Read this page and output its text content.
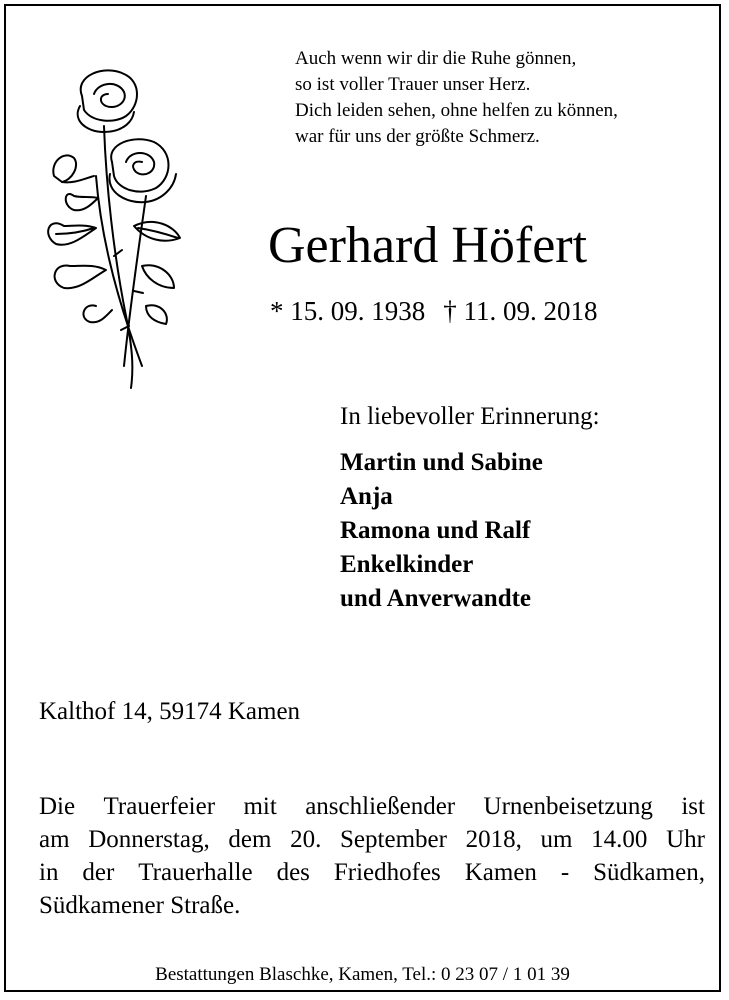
Auch wenn wir dir die Ruhe gönnen,
so ist voller Trauer unser Herz.
Dich leiden sehen, ohne helfen zu können,
war für uns der größte Schmerz.
Gerhard Höfert
* 15. 09. 1938 † 11. 09. 2018
In liebevoller Erinnerung:
Martin und Sabine
Anja
Ramona und Ralf
Enkelkinder
und Anverwandte
Kalthof 14, 59174 Kamen
Die Trauerfeier mit anschließender Urnenbeisetzung ist
am Donnerstag, dem 20. September 2018, um 14.00 Uhr
in der Trauerhalle des Friedhofes Kamen - Südkamen,
Südkamener Straße.
Bestattungen Blaschke, Kamen, Tel.: 0 23 07 / 1 01 39
